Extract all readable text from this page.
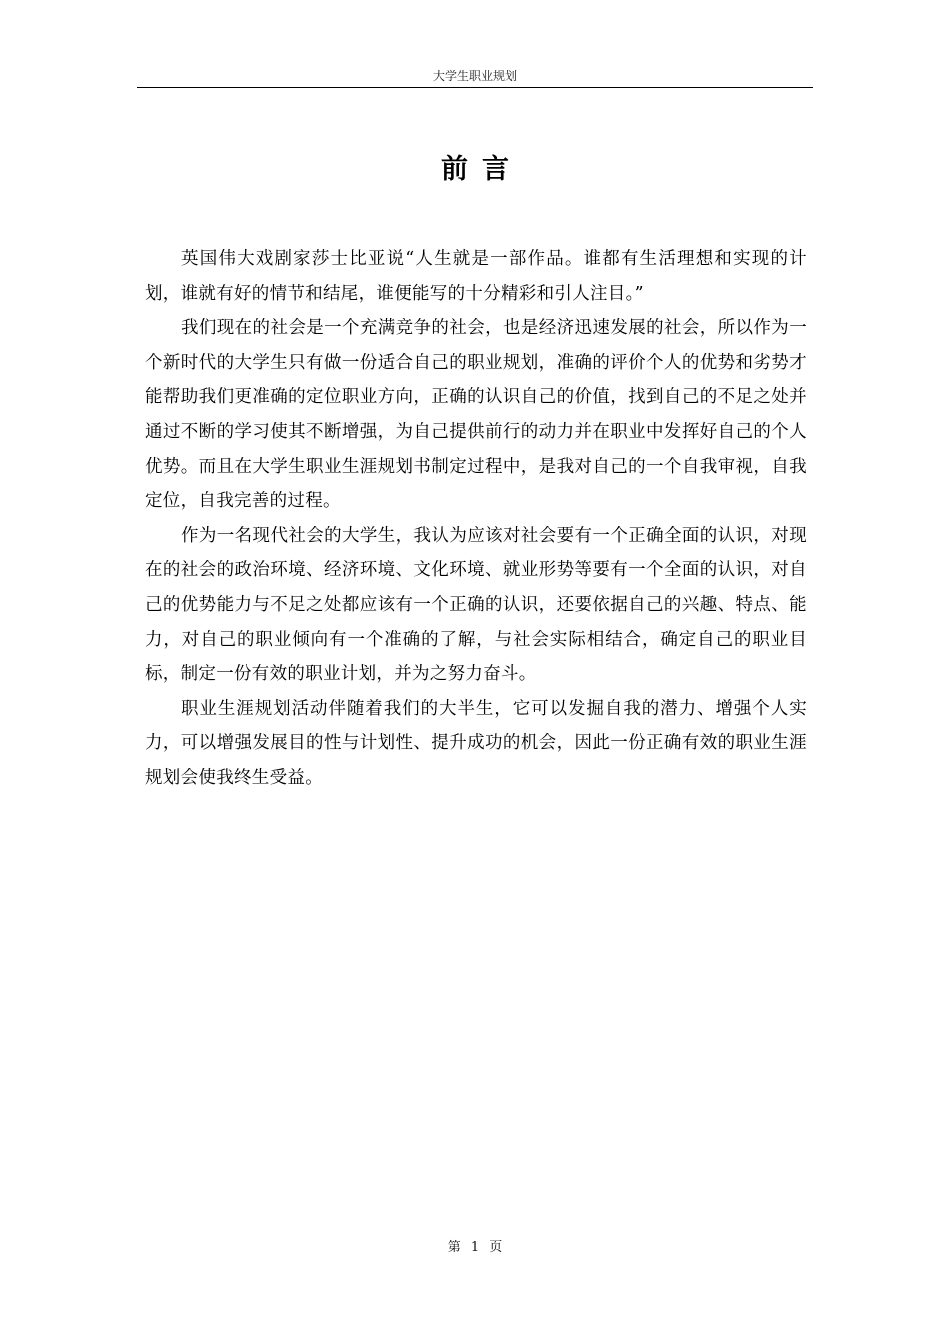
大学生职业规划
前言

英国伟大戏剧家莎士比亚说“人生就是一部作品。谁都有生活理想和实现的计划，谁就有好的情节和结尾，谁便能写的十分精彩和引人注目。”

我们现在的社会是一个充满竞争的社会，也是经济迅速发展的社会，所以作为一个新时代的大学生只有做一份适合自己的职业规划，准确的评价个人的优势和劣势才能帮助我们更准确的定位职业方向，正确的认识自己的价值，找到自己的不足之处并通过不断的学习使其不断增强，为自己提供前行的动力并在职业中发挥好自己的个人优势。而且在大学生职业生涯规划书制定过程中，是我对自己的一个自我审视，自我定位，自我完善的过程。

作为一名现代社会的大学生，我认为应该对社会要有一个正确全面的认识，对现在的社会的政治环境、经济环境、文化环境、就业形势等要有一个全面的认识，对自己的优势能力与不足之处都应该有一个正确的认识，还要依据自己的兴趣、特点、能力，对自己的职业倾向有一个准确的了解，与社会实际相结合，确定自己的职业目标，制定一份有效的职业计划，并为之努力奋斗。

职业生涯规划活动伴随着我们的大半生，它可以发掘自我的潜力、增强个人实力，可以增强发展目的性与计划性、提升成功的机会，因此一份正确有效的职业生涯规划会使我终生受益。

第 1 页
